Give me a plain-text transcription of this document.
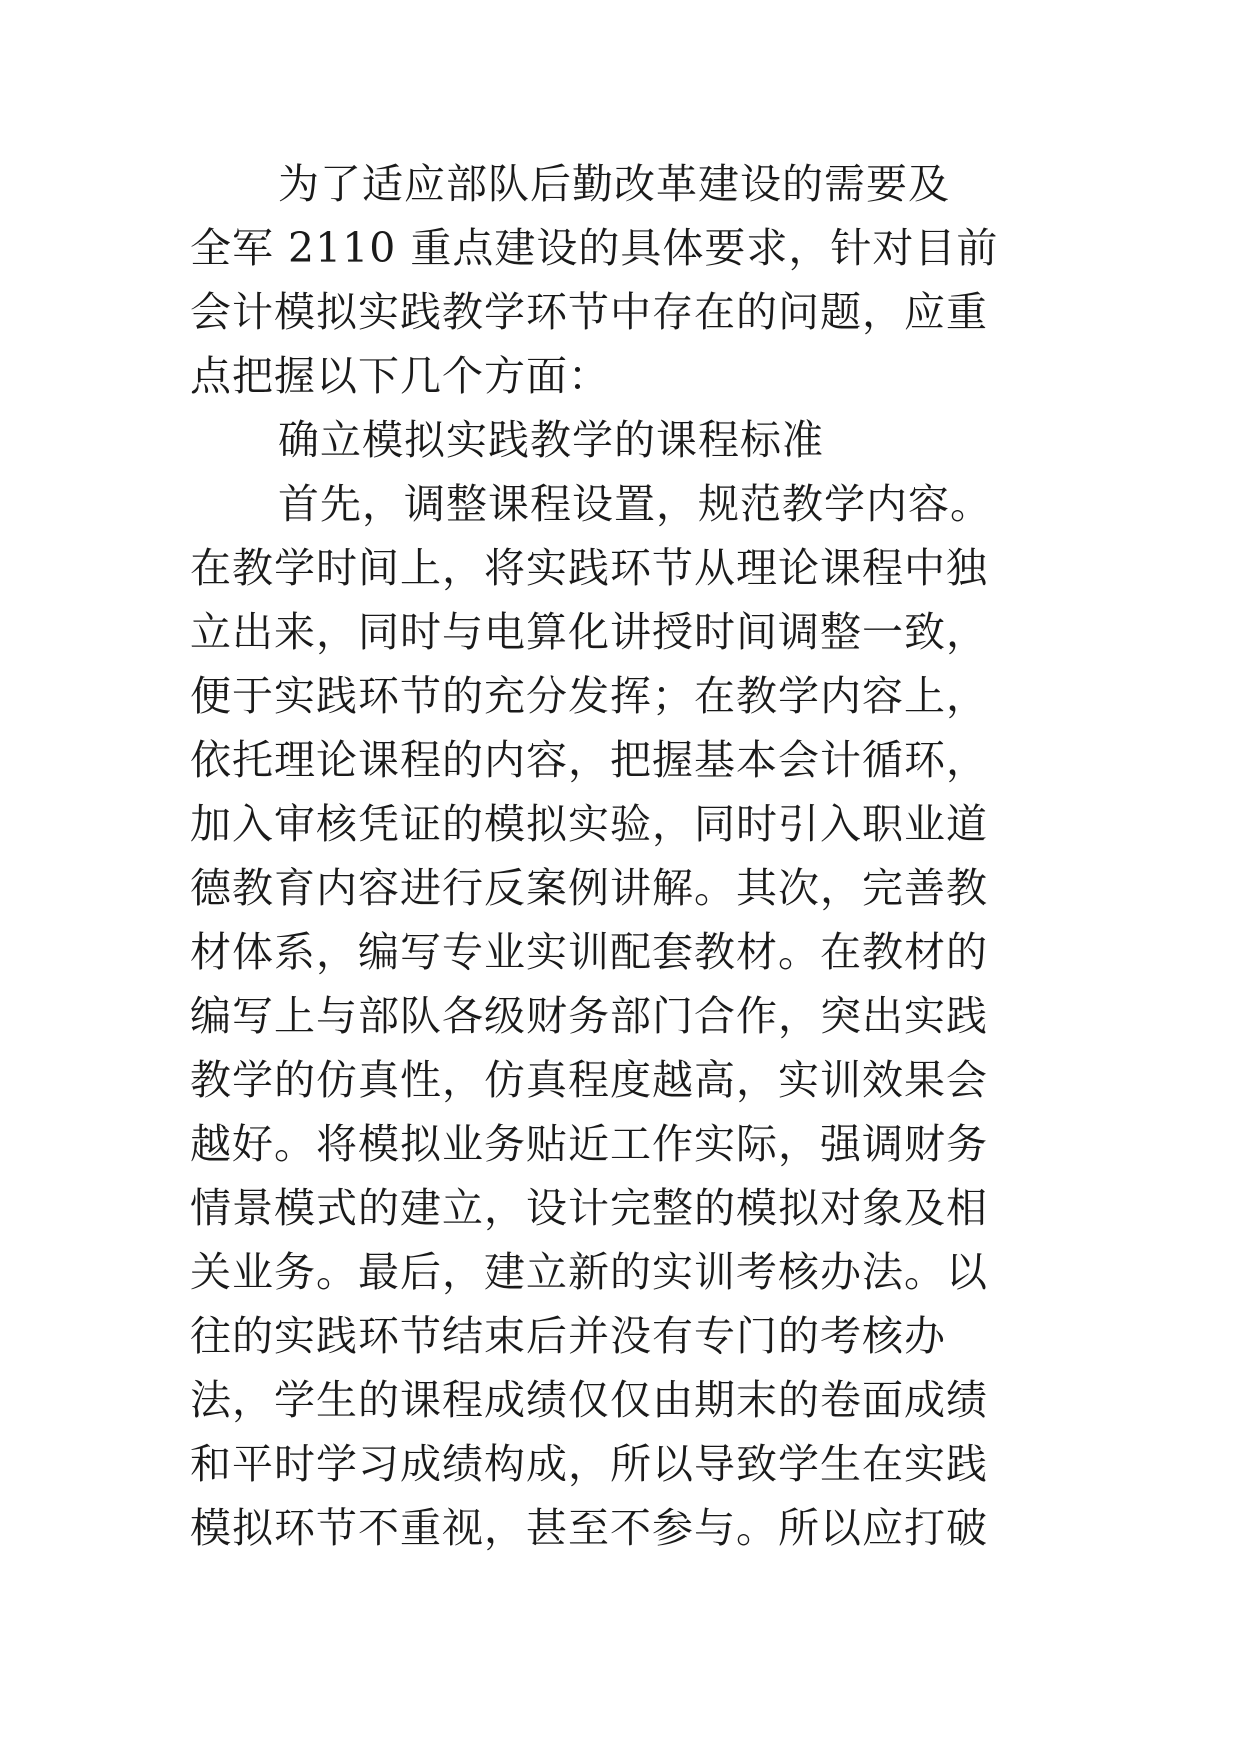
为了适应部队后勤改革建设的需要及
全军 2110 重点建设的具体要求，针对目前
会计模拟实践教学环节中存在的问题，应重
点把握以下几个方面：
确立模拟实践教学的课程标准
首先，调整课程设置，规范教学内容。
在教学时间上，将实践环节从理论课程中独
立出来，同时与电算化讲授时间调整一致，
便于实践环节的充分发挥；在教学内容上，
依托理论课程的内容，把握基本会计循环，
加入审核凭证的模拟实验，同时引入职业道
德教育内容进行反案例讲解。其次，完善教
材体系，编写专业实训配套教材。在教材的
编写上与部队各级财务部门合作，突出实践
教学的仿真性，仿真程度越高，实训效果会
越好。将模拟业务贴近工作实际，强调财务
情景模式的建立，设计完整的模拟对象及相
关业务。最后，建立新的实训考核办法。以
往的实践环节结束后并没有专门的考核办
法，学生的课程成绩仅仅由期末的卷面成绩
和平时学习成绩构成，所以导致学生在实践
模拟环节不重视，甚至不参与。所以应打破
